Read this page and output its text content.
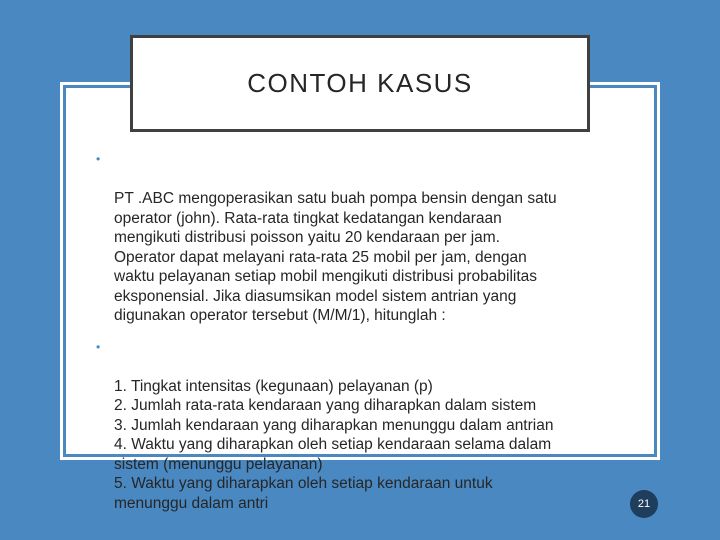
CONTOH KASUS

•

PT .ABC mengoperasikan satu buah pompa bensin dengan satu
operator (john). Rata-rata tingkat kedatangan kendaraan
mengikuti distribusi poisson yaitu 20 kendaraan per jam.
Operator dapat melayani rata-rata 25 mobil per jam, dengan
waktu pelayanan setiap mobil mengikuti distribusi probabilitas
eksponensial. Jika diasumsikan model sistem antrian yang
digunakan operator tersebut (M/M/1), hitunglah :

•

1. Tingkat intensitas (kegunaan) pelayanan (p)
2. Jumlah rata-rata kendaraan yang diharapkan dalam sistem
3. Jumlah kendaraan yang diharapkan menunggu dalam antrian
4. Waktu yang diharapkan oleh setiap kendaraan selama dalam
sistem (menunggu pelayanan)
5. Waktu yang diharapkan oleh setiap kendaraan untuk
menunggu dalam antri	21
